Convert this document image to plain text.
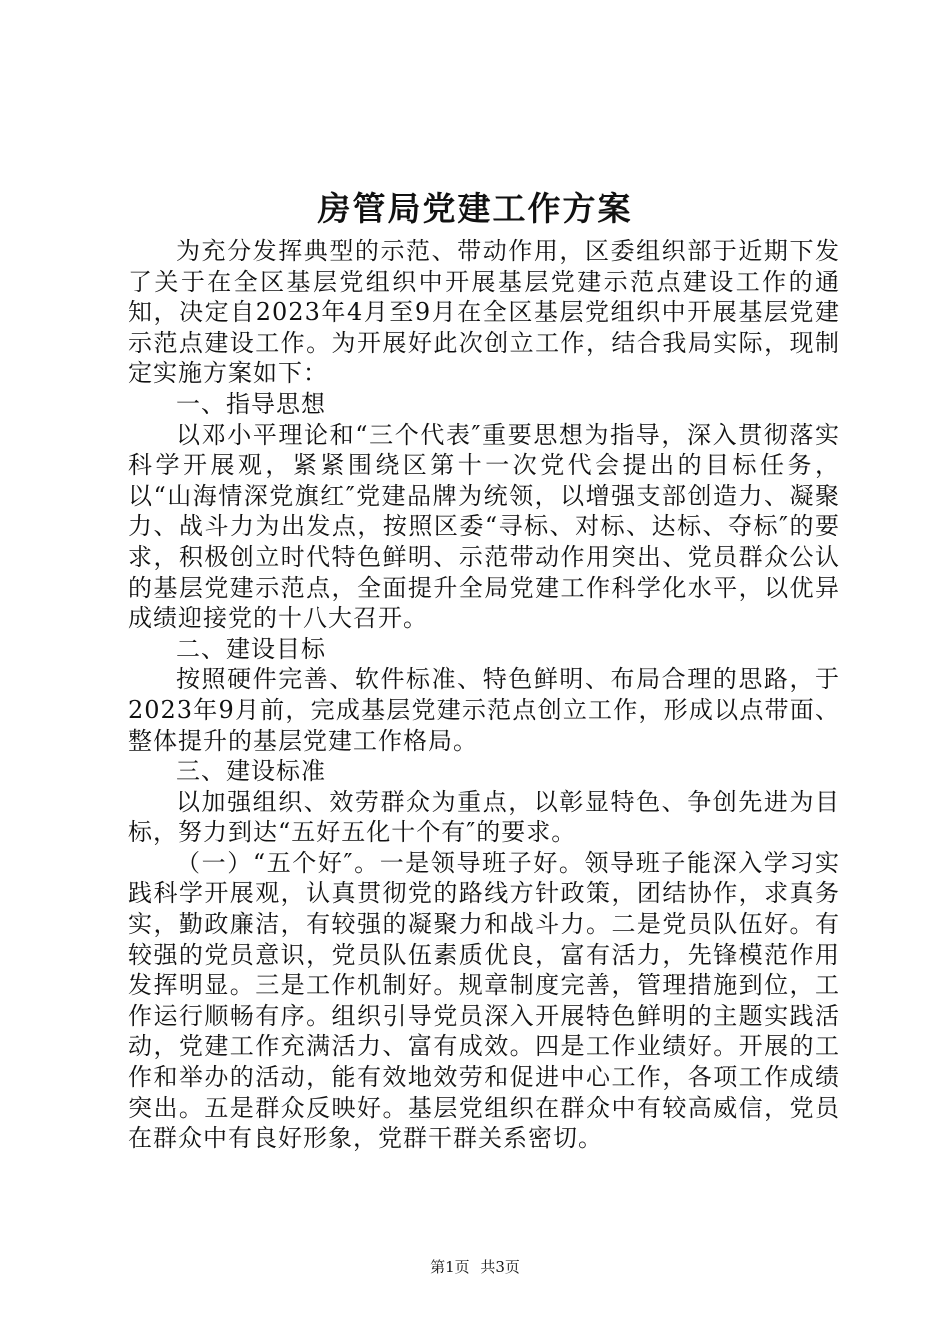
房管局党建工作方案

为充分发挥典型的示范、带动作用，区委组织部于近期下发了关于在全区基层党组织中开展基层党建示范点建设工作的通知，决定自2023年4月至9月在全区基层党组织中开展基层党建示范点建设工作。为开展好此次创立工作，结合我局实际，现制定实施方案如下：

一、指导思想

以邓小平理论和“三个代表″重要思想为指导，深入贯彻落实科学开展观，紧紧围绕区第十一次党代会提出的目标任务，以“山海情深党旗红″党建品牌为统领，以增强支部创造力、凝聚力、战斗力为出发点，按照区委“寻标、对标、达标、夺标″的要求，积极创立时代特色鲜明、示范带动作用突出、党员群众公认的基层党建示范点，全面提升全局党建工作科学化水平，以优异成绩迎接党的十八大召开。

二、建设目标

按照硬件完善、软件标准、特色鲜明、布局合理的思路，于2023年9月前，完成基层党建示范点创立工作，形成以点带面、整体提升的基层党建工作格局。

三、建设标准

以加强组织、效劳群众为重点，以彰显特色、争创先进为目标，努力到达“五好五化十个有″的要求。

（一）“五个好″。一是领导班子好。领导班子能深入学习实践科学开展观，认真贯彻党的路线方针政策，团结协作，求真务实，勤政廉洁，有较强的凝聚力和战斗力。二是党员队伍好。有较强的党员意识，党员队伍素质优良，富有活力，先锋模范作用发挥明显。三是工作机制好。规章制度完善，管理措施到位，工作运行顺畅有序。组织引导党员深入开展特色鲜明的主题实践活动，党建工作充满活力、富有成效。四是工作业绩好。开展的工作和举办的活动，能有效地效劳和促进中心工作，各项工作成绩突出。五是群众反映好。基层党组织在群众中有较高威信，党员在群众中有良好形象，党群干群关系密切。

第1页 共3页
